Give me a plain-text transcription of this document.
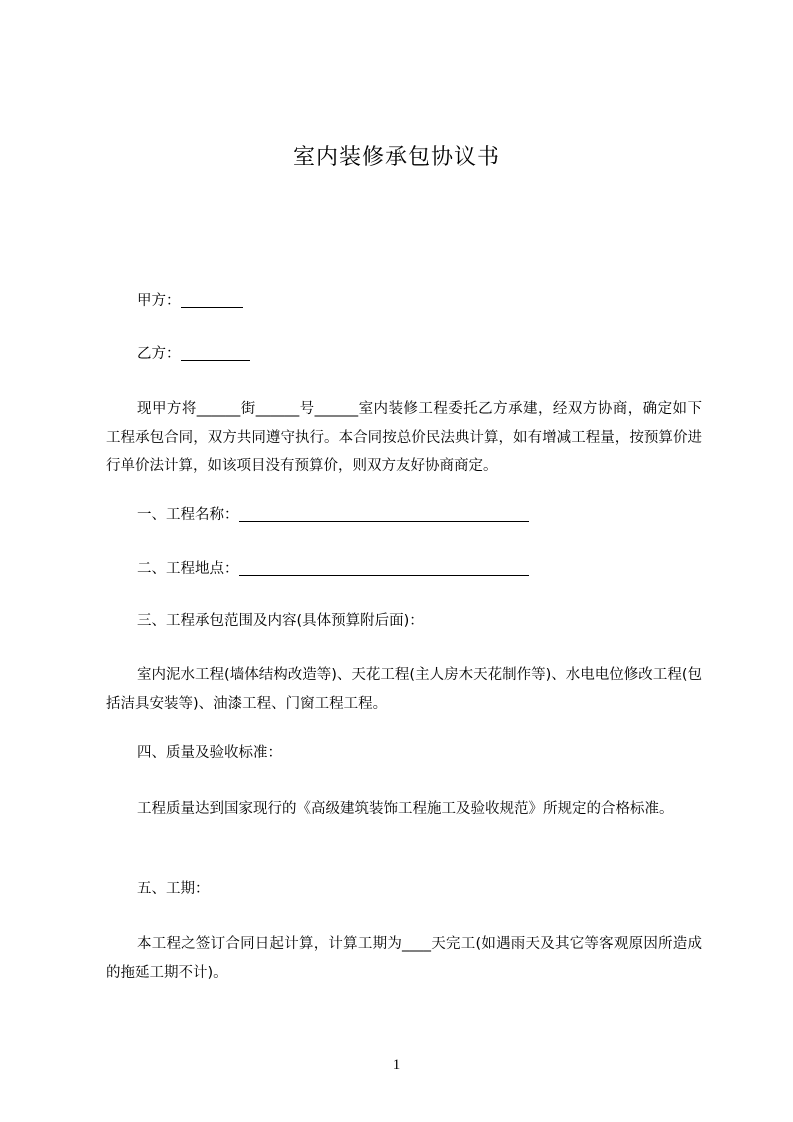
室内装修承包协议书
甲方：
乙方：
现甲方将______街______号______室内装修工程委托乙方承建，经双方协商，确定如下工程承包合同，双方共同遵守执行。本合同按总价民法典计算，如有增减工程量，按预算价进行单价法计算，如该项目没有预算价，则双方友好协商商定。
一、工程名称：
二、工程地点：
三、工程承包范围及内容(具体预算附后面)：
室内泥水工程(墙体结构改造等)、天花工程(主人房木天花制作等)、水电电位修改工程(包括洁具安装等)、油漆工程、门窗工程工程。
四、质量及验收标准：
工程质量达到国家现行的《高级建筑装饰工程施工及验收规范》所规定的合格标准。
五、工期：
本工程之签订合同日起计算，计算工期为____天完工(如遇雨天及其它等客观原因所造成的拖延工期不计)。
1
